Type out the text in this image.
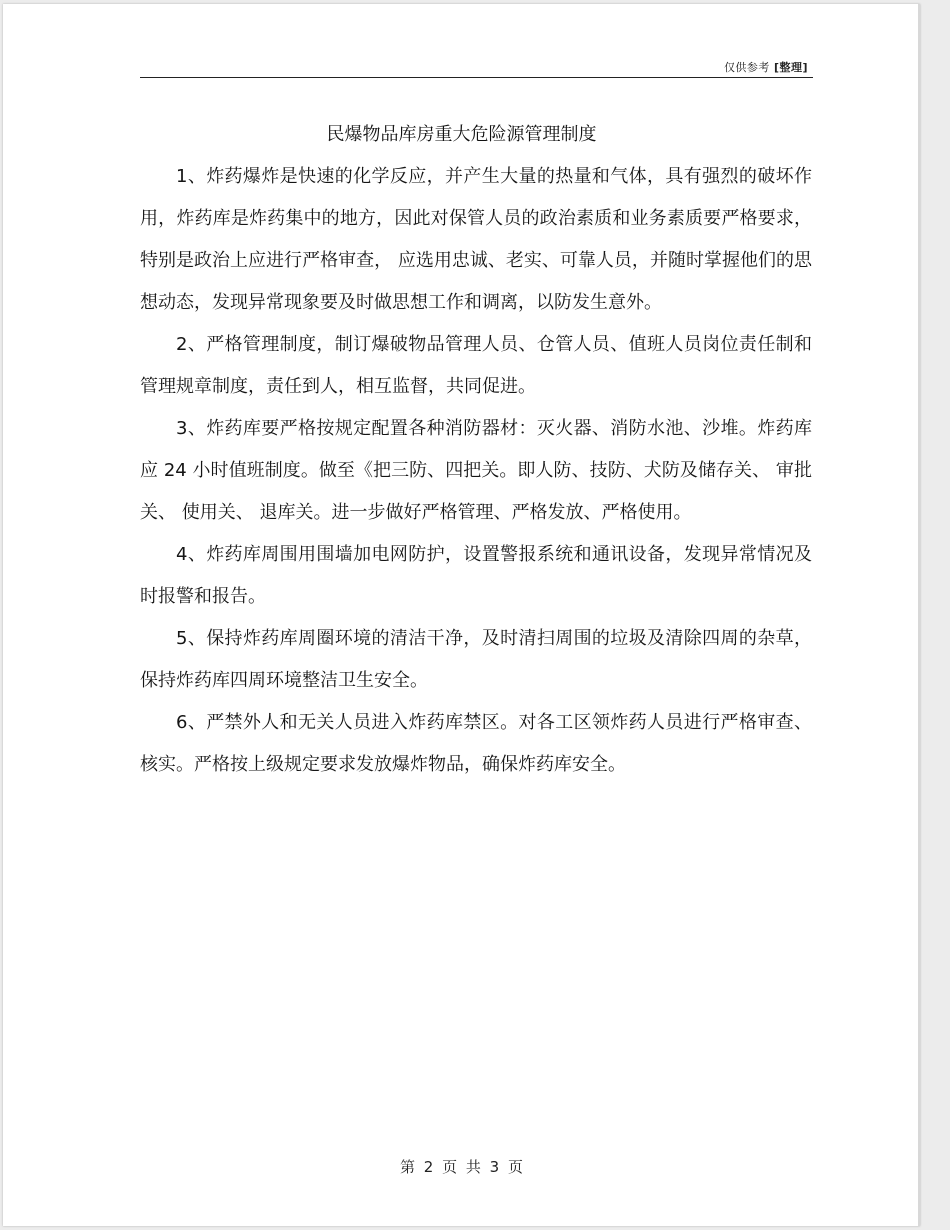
仅供参考 [整理]
民爆物品库房重大危险源管理制度

1、炸药爆炸是快速的化学反应，并产生大量的热量和气体，具有强烈的破坏作用，炸药库是炸药集中的地方，因此对保管人员的政治素质和业务素质要严格要求， 特别是政治上应进行严格审查， 应选用忠诚、老实、可靠人员，并随时掌握他们的思想动态，发现异常现象要及时做思想工作和调离，以防发生意外。

2、严格管理制度，制订爆破物品管理人员、仓管人员、值班人员岗位责任制和管理规章制度，责任到人，相互监督，共同促进。

3、炸药库要严格按规定配置各种消防器材：灭火器、消防水池、沙堆。炸药库应 24 小时值班制度。做至《把三防、四把关。即人防、技防、犬防及储存关、 审批关、 使用关、 退库关。进一步做好严格管理、严格发放、严格使用。

4、炸药库周围用围墙加电网防护，设置警报系统和通讯设备，发现异常情况及时报警和报告。

5、保持炸药库周圈环境的清洁干净，及时清扫周围的垃圾及清除四周的杂草，保持炸药库四周环境整洁卫生安全。

6、严禁外人和无关人员进入炸药库禁区。对各工区领炸药人员进行严格审查、核实。严格按上级规定要求发放爆炸物品，确保炸药库安全。

第 2 页 共 3 页
